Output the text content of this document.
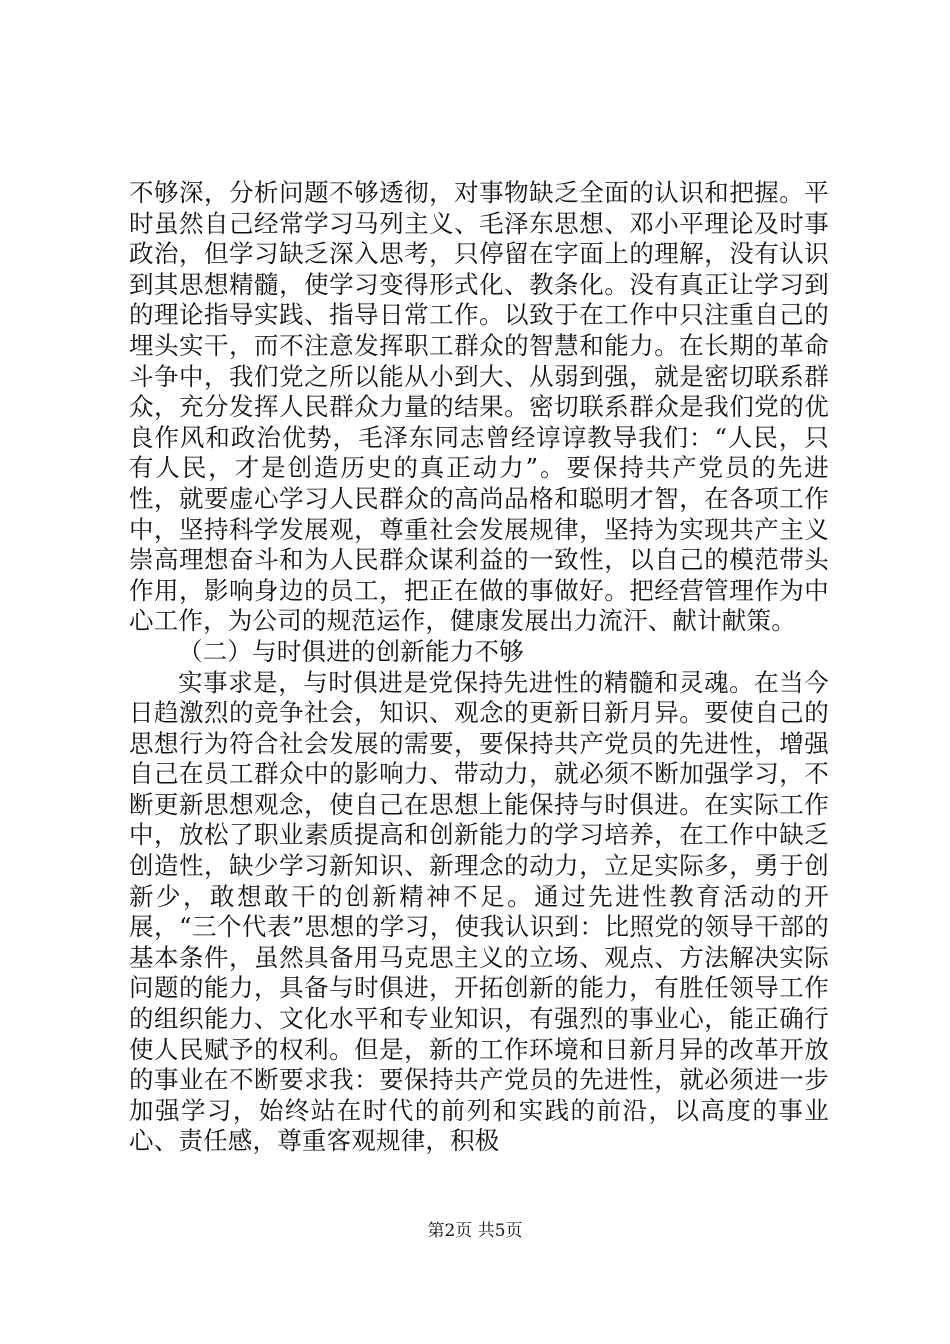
不够深，分析问题不够透彻，对事物缺乏全面的认识和把握。平时虽然自己经常学习马列主义、毛泽东思想、邓小平理论及时事政治，但学习缺乏深入思考，只停留在字面上的理解，没有认识到其思想精髓，使学习变得形式化、教条化。没有真正让学习到的理论指导实践、指导日常工作。以致于在工作中只注重自己的埋头实干，而不注意发挥职工群众的智慧和能力。在长期的革命斗争中，我们党之所以能从小到大、从弱到强，就是密切联系群众，充分发挥人民群众力量的结果。密切联系群众是我们党的优良作风和政治优势，毛泽东同志曾经谆谆教导我们：“人民，只有人民，才是创造历史的真正动力”。要保持共产党员的先进性，就要虚心学习人民群众的高尚品格和聪明才智，在各项工作中，坚持科学发展观，尊重社会发展规律，坚持为实现共产主义崇高理想奋斗和为人民群众谋利益的一致性，以自己的模范带头作用，影响身边的员工，把正在做的事做好。把经营管理作为中心工作，为公司的规范运作，健康发展出力流汗、献计献策。

（二）与时俱进的创新能力不够

实事求是，与时俱进是党保持先进性的精髓和灵魂。在当今日趋激烈的竞争社会，知识、观念的更新日新月异。要使自己的思想行为符合社会发展的需要，要保持共产党员的先进性，增强自己在员工群众中的影响力、带动力，就必须不断加强学习，不断更新思想观念，使自己在思想上能保持与时俱进。在实际工作中，放松了职业素质提高和创新能力的学习培养，在工作中缺乏创造性，缺少学习新知识、新理念的动力，立足实际多，勇于创新少，敢想敢干的创新精神不足。通过先进性教育活动的开展，“三个代表”思想的学习，使我认识到：比照党的领导干部的基本条件，虽然具备用马克思主义的立场、观点、方法解决实际问题的能力，具备与时俱进，开拓创新的能力，有胜任领导工作的组织能力、文化水平和专业知识，有强烈的事业心，能正确行使人民赋予的权利。但是，新的工作环境和日新月异的改革开放的事业在不断要求我：要保持共产党员的先进性，就必须进一步加强学习，始终站在时代的前列和实践的前沿，以高度的事业心、责任感，尊重客观规律，积极

第2页 共5页
